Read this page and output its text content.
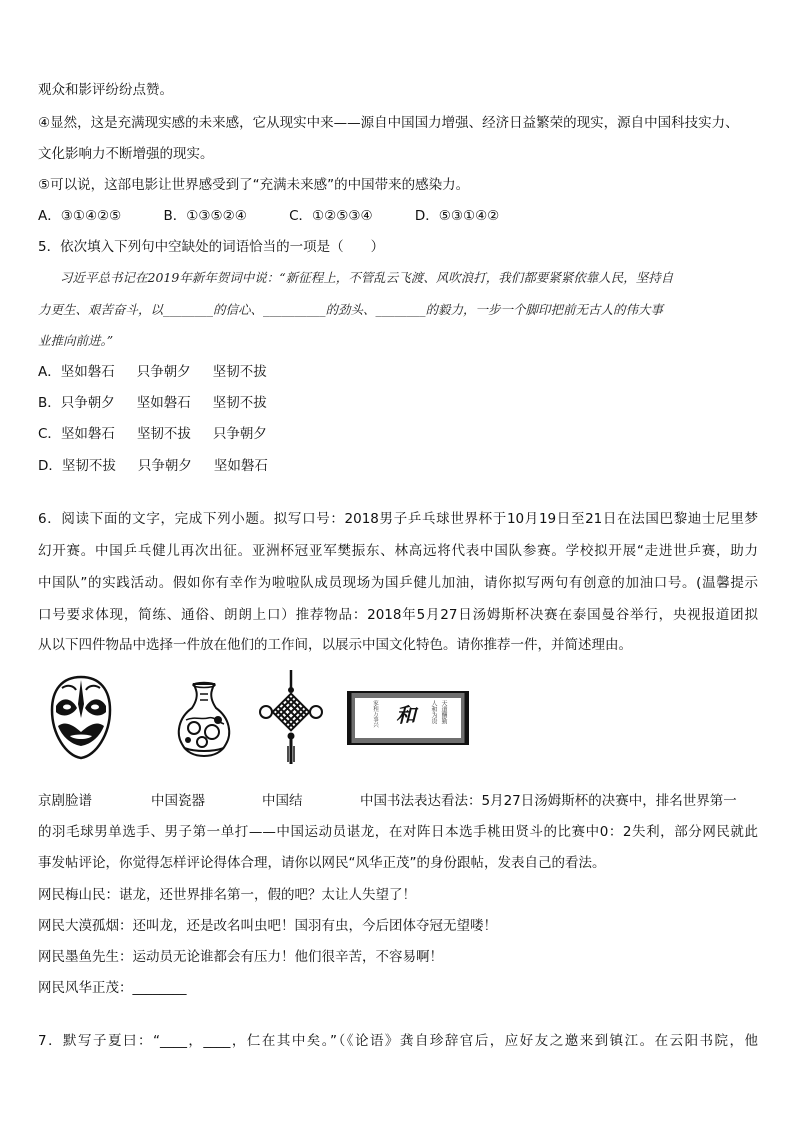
观众和影评纷纷点赞。
④显然，这是充满现实感的未来感，它从现实中来——源自中国国力增强、经济日益繁荣的现实，源自中国科技实力、
文化影响力不断增强的现实。
⑤可以说，这部电影让世界感受到了“充满未来感”的中国带来的感染力。
A．③①④②⑤	B．①③⑤②④	C．①②⑤③④	D．⑤③①④②
5．依次填入下列句中空缺处的词语恰当的一项是（　　）
习近平总书记在2019年新年贺词中说：“新征程上，不管乱云飞渡、风吹浪打，我们都要紧紧依靠人民，坚持自
力更生、艰苦奋斗，以________的信心、__________的劲头、________的毅力，一步一个脚印把前无古人的伟大事
业推向前进。”
A．坚如磐石 只争朝夕 坚韧不拔
B．只争朝夕 坚如磐石 坚韧不拔
C．坚如磐石 坚韧不拔 只争朝夕
D．坚韧不拔 只争朝夕 坚如磐石
6．阅读下面的文字，完成下列小题。拟写口号：2018男子乒乓球世界杯于10月19日至21日在法国巴黎迪士尼里梦
幻开赛。中国乒乓健儿再次出征。亚洲杯冠亚军樊振东、林高远将代表中国队参赛。学校拟开展“走进世乒赛，助力
中国队”的实践活动。假如你有幸作为啦啦队成员现场为国乒健儿加油，请你拟写两句有创意的加油口号。(温馨提示
口号要求体现，简练、通俗、朗朗上口）推荐物品：2018年5月27日汤姆斯杯决赛在泰国曼谷举行，央视报道团拟
从以下四件物品中选择一件放在他们的工作间，以展示中国文化特色。请你推荐一件，并简述理由。
和
家和万事兴	天道酬勤
人和为贵
京剧脸谱	中国瓷器	中国结	中国书法表达看法：5月27日汤姆斯杯的决赛中，排名世界第一
的羽毛球男单选手、男子第一单打——中国运动员谌龙，在对阵日本选手桃田贤斗的比赛中0：2失利，部分网民就此
事发帖评论，你觉得怎样评论得体合理，请你以网民“风华正茂”的身份跟帖，发表自己的看法。
网民梅山民：谌龙，还世界排名第一，假的吧？太让人失望了！
网民大漠孤烟：还叫龙，还是改名叫虫吧！国羽有虫，今后团体夺冠无望喽！
网民墨鱼先生：运动员无论谁都会有压力！他们很辛苦，不容易啊！
网民风华正茂：________
7．默写子夏曰：“____，____，仁在其中矣。”（《论语》龚自珍辞官后，应好友之邀来到镇江。在云阳书院，他
